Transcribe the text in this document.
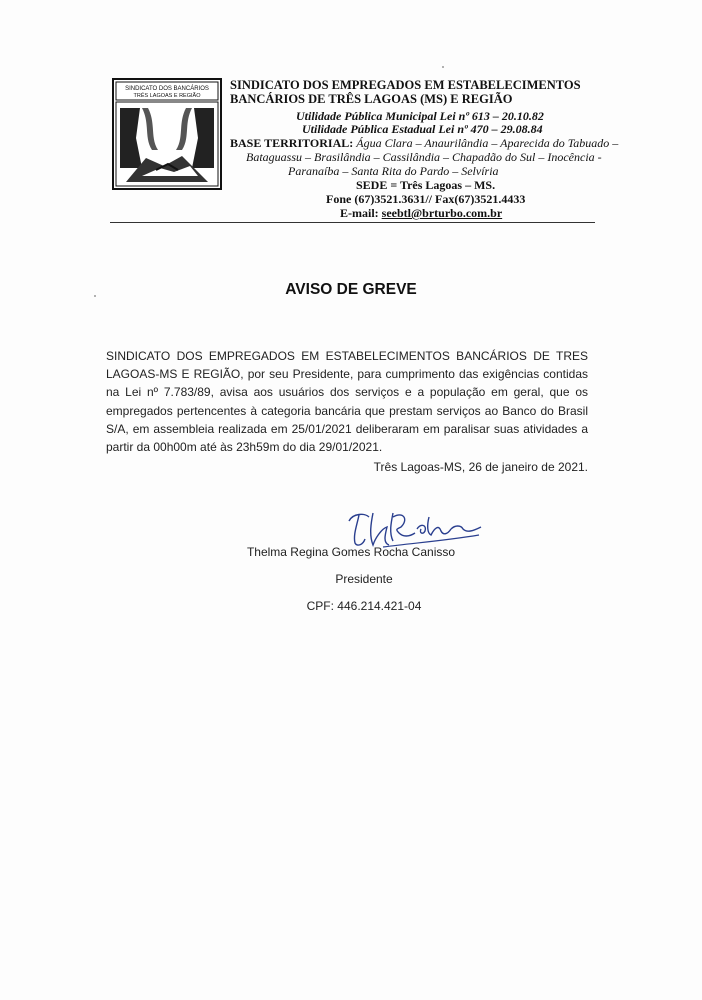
SINDICATO DOS BANCÁRIOS
TRÊS LAGOAS E REGIÃO
SINDICATO DOS EMPREGADOS EM ESTABELECIMENTOS
BANCÁRIOS DE TRÊS LAGOAS (MS) E REGIÃO
Utilidade Pública Municipal Lei nº 613 – 20.10.82
Utilidade Pública Estadual Lei nº 470 – 29.08.84
BASE TERRITORIAL: Água Clara – Anaurilândia – Aparecida do Tabuado –
Bataguassu – Brasilândia – Cassilândia – Chapadão do Sul – Inocência -
Paranaíba – Santa Rita do Pardo – Selvíria
SEDE = Três Lagoas – MS.
Fone (67)3521.3631// Fax(67)3521.4433
E-mail: seebtl@brturbo.com.br
AVISO DE GREVE
SINDICATO DOS EMPREGADOS EM ESTABELECIMENTOS BANCÁRIOS DE TRES LAGOAS-MS E REGIÃO, por seu Presidente, para cumprimento das exigências contidas na Lei nº 7.783/89, avisa aos usuários dos serviços e a população em geral, que os empregados pertencentes à categoria bancária que prestam serviços ao Banco do Brasil S/A, em assembleia realizada em 25/01/2021 deliberaram em paralisar suas atividades a partir da 00h00m até às 23h59m do dia 29/01/2021.
Três Lagoas-MS, 26 de janeiro de 2021.
Thelma Regina Gomes Rocha Canisso
Presidente
CPF: 446.214.421-04
